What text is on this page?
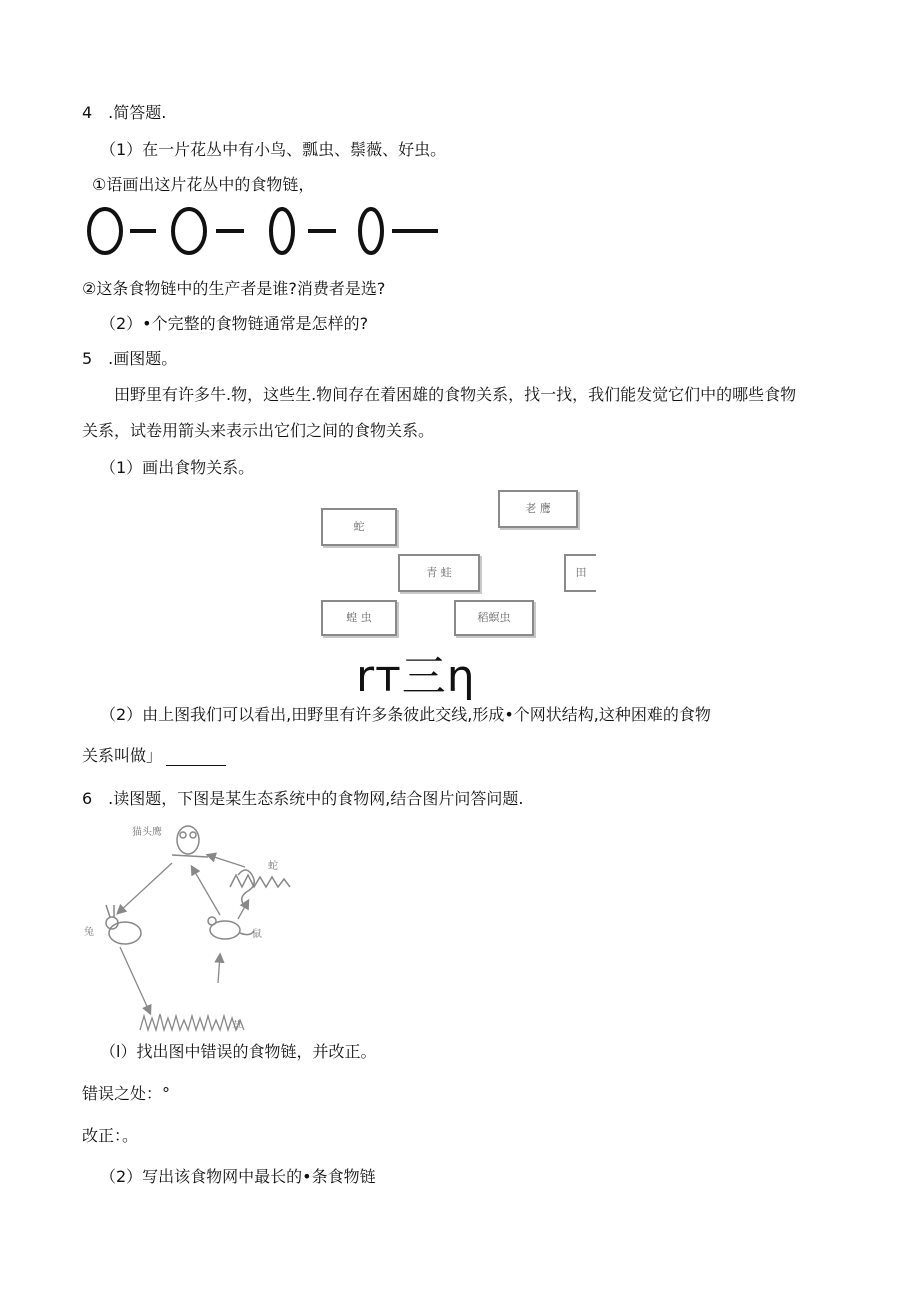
4　.简答题.
（1）在一片花丛中有小鸟、瓢虫、鬃薇、好虫。
①语画出这片花丛中的食物链，
②这条食物链中的生产者是谁?消费者是选?
（2）•个完整的食物链通常是怎样的?
5　.画图题。
田野里有许多牛.物，这些生.物间存在着困雄的食物关系，找一找，我们能发觉它们中的哪些食物
关系，试卷用箭头来表示出它们之间的食物关系。
（1）画出食物关系。
蛇
老 鹰
青 蛙	田
蝗 虫	稻螟虫
rт三η
（2）由上图我们可以看出,田野里有许多条彼此交线,形成•个网状结构,这种困难的食物
关系叫做」
6　.读图题，下图是某生态系统中的食物网,结合图片问答问题.
猫头鹰
蛇
兔	鼠
草
（l）找出图中错误的食物链，并改正。
错误之处：°
改正：。
（2）写出该食物网中最长的•条食物链
